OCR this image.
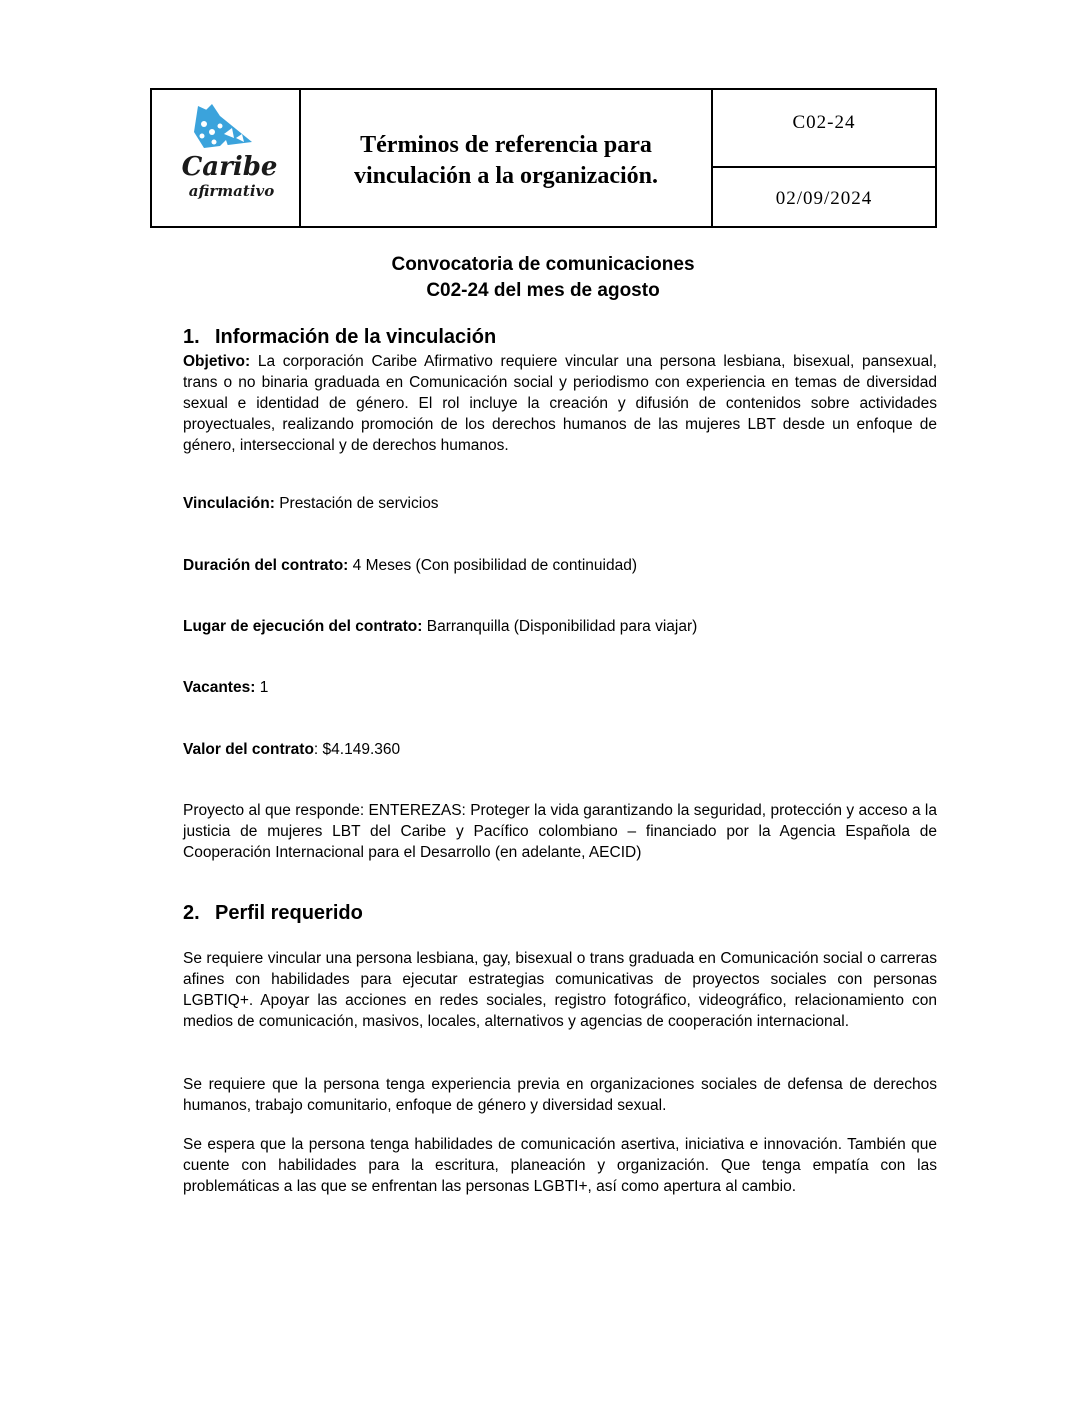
Caribe
afirmativo
Términos de referencia para
vinculación a la organización.
C02-24
02/09/2024
Convocatoria de comunicaciones
C02-24 del mes de agosto
1. Información de la vinculación
Objetivo: La corporación Caribe Afirmativo requiere vincular una persona lesbiana, bisexual, pansexual, trans o no binaria graduada en Comunicación social y periodismo con experiencia en temas de diversidad sexual e identidad de género. El rol incluye la creación y difusión de contenidos sobre actividades proyectuales, realizando promoción de los derechos humanos de las mujeres LBT desde un enfoque de género, interseccional y de derechos humanos.
Vinculación: Prestación de servicios
Duración del contrato: 4 Meses (Con posibilidad de continuidad)
Lugar de ejecución del contrato: Barranquilla (Disponibilidad para viajar)
Vacantes: 1
Valor del contrato: $4.149.360
Proyecto al que responde: ENTEREZAS: Proteger la vida garantizando la seguridad, protección y acceso a la justicia de mujeres LBT del Caribe y Pacífico colombiano – financiado por la Agencia Española de Cooperación Internacional para el Desarrollo (en adelante, AECID)
2. Perfil requerido
Se requiere vincular una persona lesbiana, gay, bisexual o trans graduada en Comunicación social o carreras afines con habilidades para ejecutar estrategias comunicativas de proyectos sociales con personas LGBTIQ+. Apoyar las acciones en redes sociales, registro fotográfico, videográfico, relacionamiento con medios de comunicación, masivos, locales, alternativos y agencias de cooperación internacional.
Se requiere que la persona tenga experiencia previa en organizaciones sociales de defensa de derechos humanos, trabajo comunitario, enfoque de género y diversidad sexual.
Se espera que la persona tenga habilidades de comunicación asertiva, iniciativa e innovación. También que cuente con habilidades para la escritura, planeación y organización. Que tenga empatía con las problemáticas a las que se enfrentan las personas LGBTI+, así como apertura al cambio.
